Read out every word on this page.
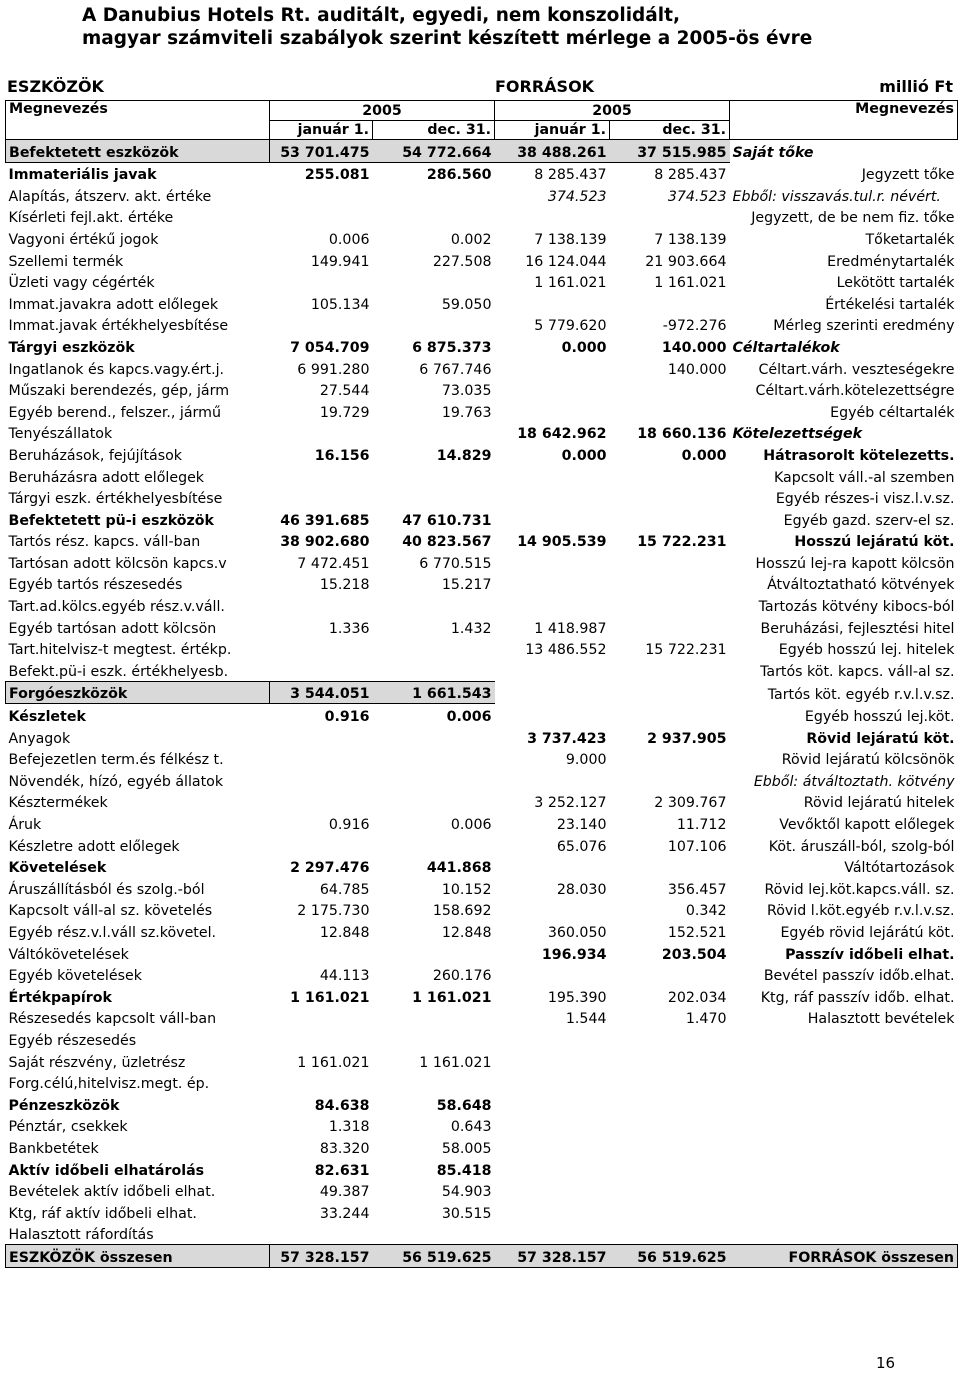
A Danubius Hotels Rt. auditált, egyedi, nem konszolidált,
magyar számviteli szabályok szerint készített mérlege a 2005-ös évre
ESZKÖZÖK	FORRÁSOK	millió Ft
Megnevezés	2005		2005		Megnevezés
	január 1.	dec. 31.	január 1.	dec. 31.	
Befektetett eszközök	53 701.475	54 772.664	38 488.261	37 515.985	Saját tőke
Immateriális javak	255.081	286.560	8 285.437	8 285.437	Jegyzett tőke
Alapítás, átszerv. akt. értéke			374.523	374.523	Ebből: visszavás.tul.r. névért.
Kísérleti fejl.akt. értéke					Jegyzett, de be nem fiz. tőke
Vagyoni értékű jogok	0.006	0.002	7 138.139	7 138.139	Tőketartalék
Szellemi termék	149.941	227.508	16 124.044	21 903.664	Eredménytartalék
Üzleti vagy cégérték			1 161.021	1 161.021	Lekötött tartalék
Immat.javakra adott előlegek	105.134	59.050			Értékelési tartalék
Immat.javak értékhelyesbítése			5 779.620	-972.276	Mérleg szerinti eredmény
Tárgyi eszközök	7 054.709	6 875.373	0.000	140.000	Céltartalékok
Ingatlanok és kapcs.vagy.ért.j.	6 991.280	6 767.746		140.000	Céltart.várh. veszteségekre
Műszaki berendezés, gép, járm	27.544	73.035			Céltart.várh.kötelezettségre
Egyéb berend., felszer., jármű	19.729	19.763			Egyéb céltartalék
Tenyészállatok			18 642.962	18 660.136	Kötelezettségek
Beruházások, fejújítások	16.156	14.829	0.000	0.000	Hátrasorolt kötelezetts.
Beruházásra adott előlegek					Kapcsolt váll.-al szemben
Tárgyi eszk. értékhelyesbítése					Egyéb részes-i visz.l.v.sz.
Befektetett pü-i eszközök	46 391.685	47 610.731			Egyéb gazd. szerv-el sz.
Tartós rész. kapcs. váll-ban	38 902.680	40 823.567	14 905.539	15 722.231	Hosszú lejáratú köt.
Tartósan adott kölcsön kapcs.v	7 472.451	6 770.515			Hosszú lej-ra kapott kölcsön
Egyéb tartós részesedés	15.218	15.217			Átváltoztatható kötvények
Tart.ad.kölcs.egyéb rész.v.váll.					Tartozás kötvény kibocs-ból
Egyéb tartósan adott kölcsön	1.336	1.432	1 418.987		Beruházási, fejlesztési hitel
Tart.hitelvisz-t megtest. értékp.			13 486.552	15 722.231	Egyéb hosszú lej. hitelek
Befekt.pü-i eszk. értékhelyesb.					Tartós köt. kapcs. váll-al sz.
Forgóeszközök	3 544.051	1 661.543			Tartós köt. egyéb r.v.l.v.sz.
Készletek	0.916	0.006			Egyéb hosszú lej.köt.
Anyagok			3 737.423	2 937.905	Rövid lejáratú köt.
Befejezetlen term.és félkész t.			9.000		Rövid lejáratú kölcsönök
Növendék, hízó, egyéb állatok					Ebből: átváltoztath. kötvény
Késztermékek			3 252.127	2 309.767	Rövid lejáratú hitelek
Áruk	0.916	0.006	23.140	11.712	Vevőktől kapott előlegek
Készletre adott előlegek			65.076	107.106	Köt. áruszáll-ból, szolg-ból
Követelések	2 297.476	441.868			Váltótartozások
Áruszállításból és szolg.-ból	64.785	10.152	28.030	356.457	Rövid lej.köt.kapcs.váll. sz.
Kapcsolt váll-al sz. követelés	2 175.730	158.692		0.342	Rövid l.köt.egyéb r.v.l.v.sz.
Egyéb rész.v.l.váll sz.követel.	12.848	12.848	360.050	152.521	Egyéb rövid lejárátú köt.
Váltókövetelések			196.934	203.504	Passzív időbeli elhat.
Egyéb követelések	44.113	260.176			Bevétel passzív időb.elhat.
Értékpapírok	1 161.021	1 161.021	195.390	202.034	Ktg, ráf passzív időb. elhat.
Részesedés kapcsolt váll-ban			1.544	1.470	Halasztott bevételek
Egyéb részesedés					
Saját részvény, üzletrész	1 161.021	1 161.021			
Forg.célú,hitelvisz.megt. ép.					
Pénzeszközök	84.638	58.648			
Pénztár, csekkek	1.318	0.643			
Bankbetétek	83.320	58.005			
Aktív időbeli elhatárolás	82.631	85.418			
Bevételek aktív időbeli elhat.	49.387	54.903			
Ktg, ráf aktív időbeli elhat.	33.244	30.515			
Halasztott ráfordítás					
ESZKÖZÖK összesen	57 328.157	56 519.625	57 328.157	56 519.625	FORRÁSOK összesen
16
